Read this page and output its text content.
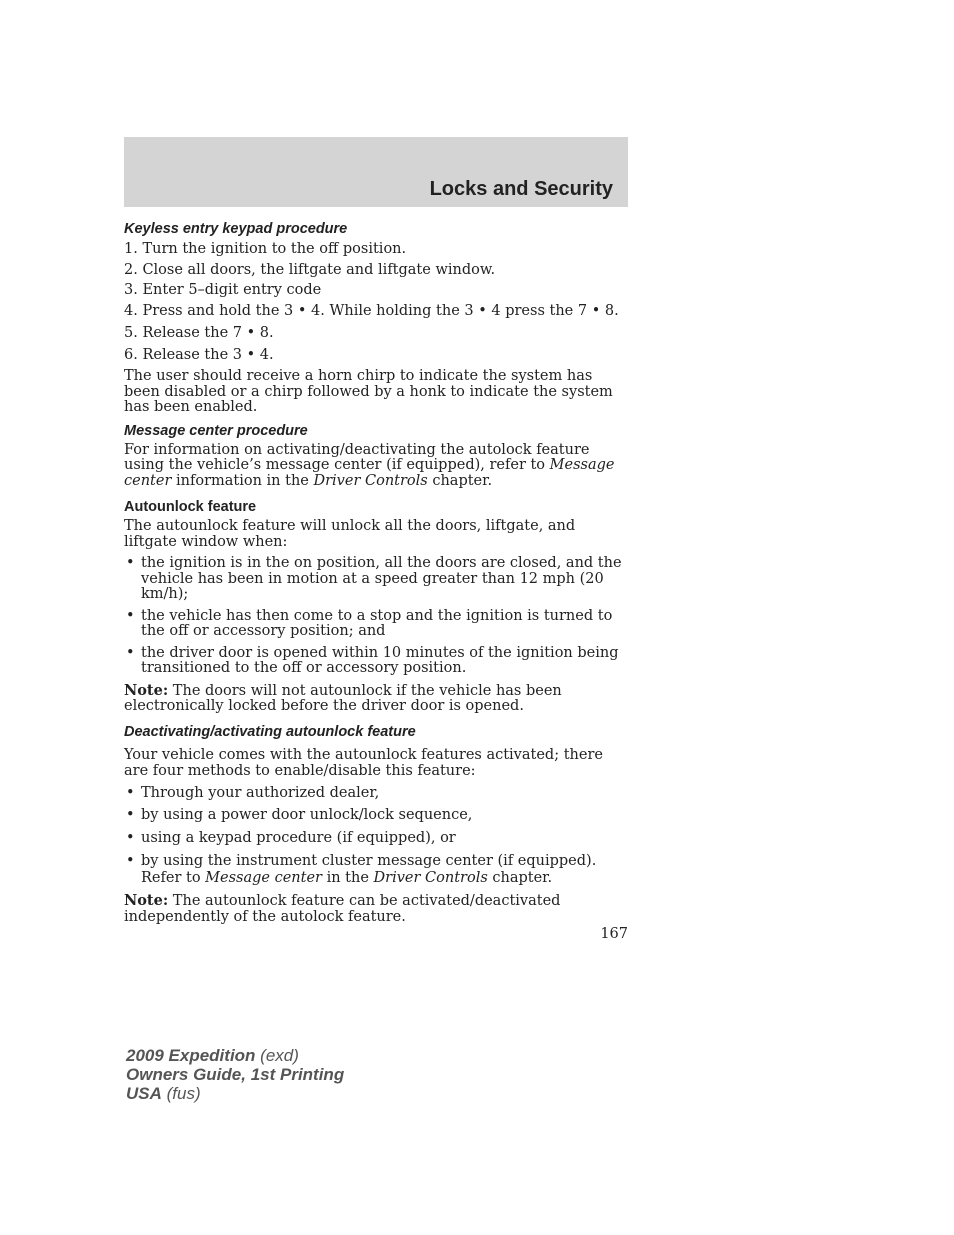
Locks and Security
Keyless entry keypad procedure

1. Turn the ignition to the off position.

2. Close all doors, the liftgate and liftgate window.

3. Enter 5–digit entry code

4. Press and hold the 3 • 4. While holding the 3 • 4 press the 7 • 8.

5. Release the 7 • 8.

6. Release the 3 • 4.

The user should receive a horn chirp to indicate the system has been disabled or a chirp followed by a honk to indicate the system has been enabled.

Message center procedure

For information on activating/deactivating the autolock feature using the vehicle’s message center (if equipped), refer to Message center information in the Driver Controls chapter.

Autounlock feature

The autounlock feature will unlock all the doors, liftgate, and liftgate window when:

• the ignition is in the on position, all the doors are closed, and the vehicle has been in motion at a speed greater than 12 mph (20 km/h);
• the vehicle has then come to a stop and the ignition is turned to the off or accessory position; and
• the driver door is opened within 10 minutes of the ignition being transitioned to the off or accessory position.

Note: The doors will not autounlock if the vehicle has been electronically locked before the driver door is opened.

Deactivating/activating autounlock feature

Your vehicle comes with the autounlock features activated; there are four methods to enable/disable this feature:

• Through your authorized dealer,
• by using a power door unlock/lock sequence,
• using a keypad procedure (if equipped), or
• by using the instrument cluster message center (if equipped). Refer to Message center in the Driver Controls chapter.

Note: The autounlock feature can be activated/deactivated independently of the autolock feature.

167
2009 Expedition (exd)
Owners Guide, 1st Printing
USA (fus)
